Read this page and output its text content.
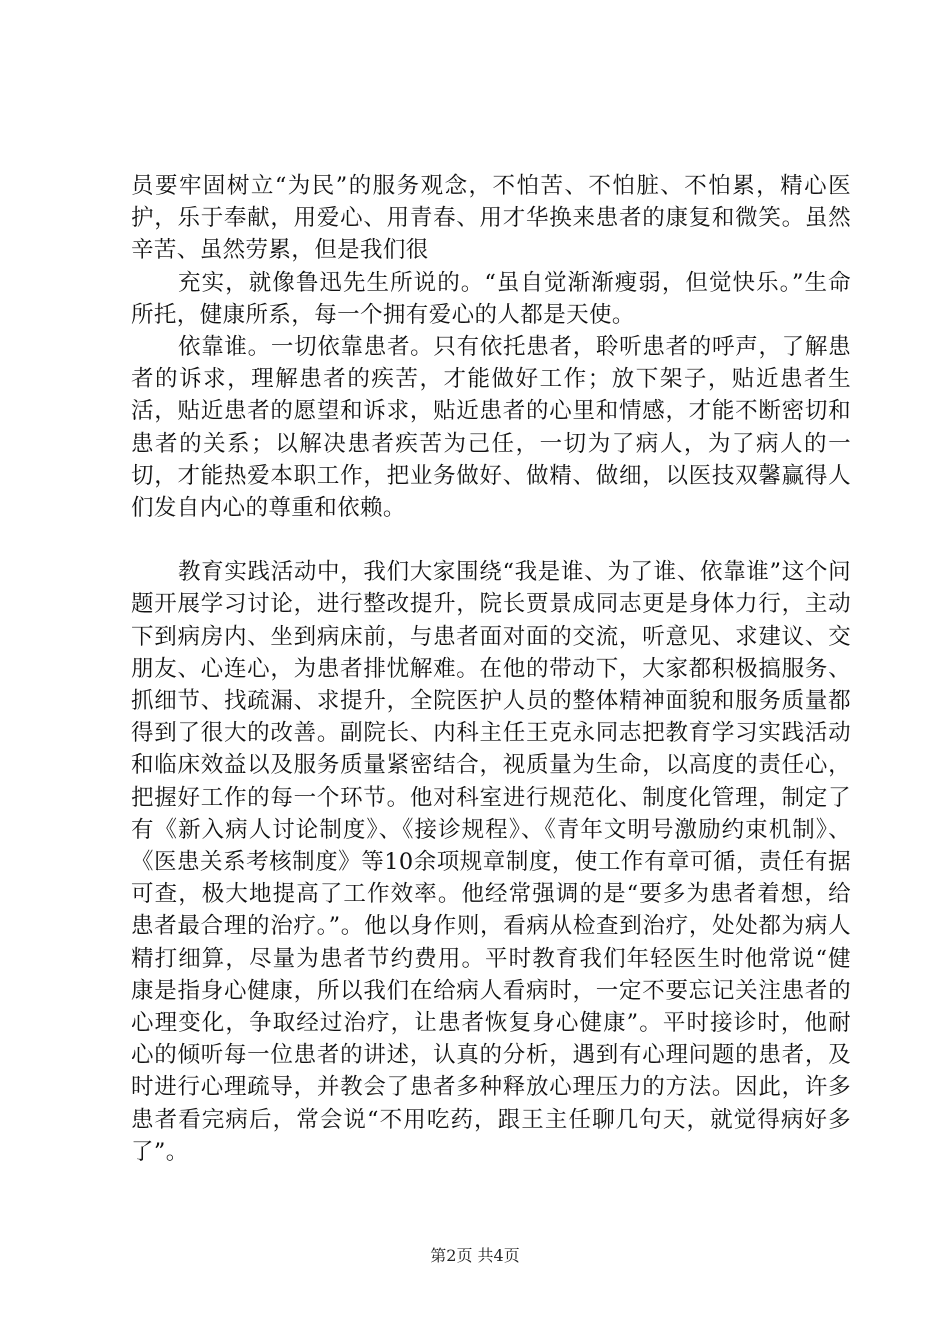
员要牢固树立“为民”的服务观念，不怕苦、不怕脏、不怕累，精心医护，乐于奉献，用爱心、用青春、用才华换来患者的康复和微笑。虽然辛苦、虽然劳累，但是我们很

充实，就像鲁迅先生所说的。“虽自觉渐渐瘦弱，但觉快乐。”生命所托，健康所系，每一个拥有爱心的人都是天使。

依靠谁。一切依靠患者。只有依托患者，聆听患者的呼声，了解患者的诉求，理解患者的疾苦，才能做好工作；放下架子，贴近患者生活，贴近患者的愿望和诉求，贴近患者的心里和情感，才能不断密切和患者的关系；以解决患者疾苦为己任，一切为了病人，为了病人的一切，才能热爱本职工作，把业务做好、做精、做细，以医技双馨赢得人们发自内心的尊重和依赖。

教育实践活动中，我们大家围绕“我是谁、为了谁、依靠谁”这个问题开展学习讨论，进行整改提升，院长贾景成同志更是身体力行，主动下到病房内、坐到病床前，与患者面对面的交流，听意见、求建议、交朋友、心连心，为患者排忧解难。在他的带动下，大家都积极搞服务、抓细节、找疏漏、求提升，全院医护人员的整体精神面貌和服务质量都得到了很大的改善。副院长、内科主任王克永同志把教育学习实践活动和临床效益以及服务质量紧密结合，视质量为生命，以高度的责任心，把握好工作的每一个环节。他对科室进行规范化、制度化管理，制定了有《新入病人讨论制度》、《接诊规程》、《青年文明号激励约束机制》、《医患关系考核制度》等10余项规章制度，使工作有章可循，责任有据可查，极大地提高了工作效率。他经常强调的是“要多为患者着想，给患者最合理的治疗。”。他以身作则，看病从检查到治疗，处处都为病人精打细算，尽量为患者节约费用。平时教育我们年轻医生时他常说“健康是指身心健康，所以我们在给病人看病时，一定不要忘记关注患者的心理变化，争取经过治疗，让患者恢复身心健康”。平时接诊时，他耐心的倾听每一位患者的讲述，认真的分析，遇到有心理问题的患者，及时进行心理疏导，并教会了患者多种释放心理压力的方法。因此，许多患者看完病后，常会说“不用吃药，跟王主任聊几句天，就觉得病好多了”。

第2页 共4页
